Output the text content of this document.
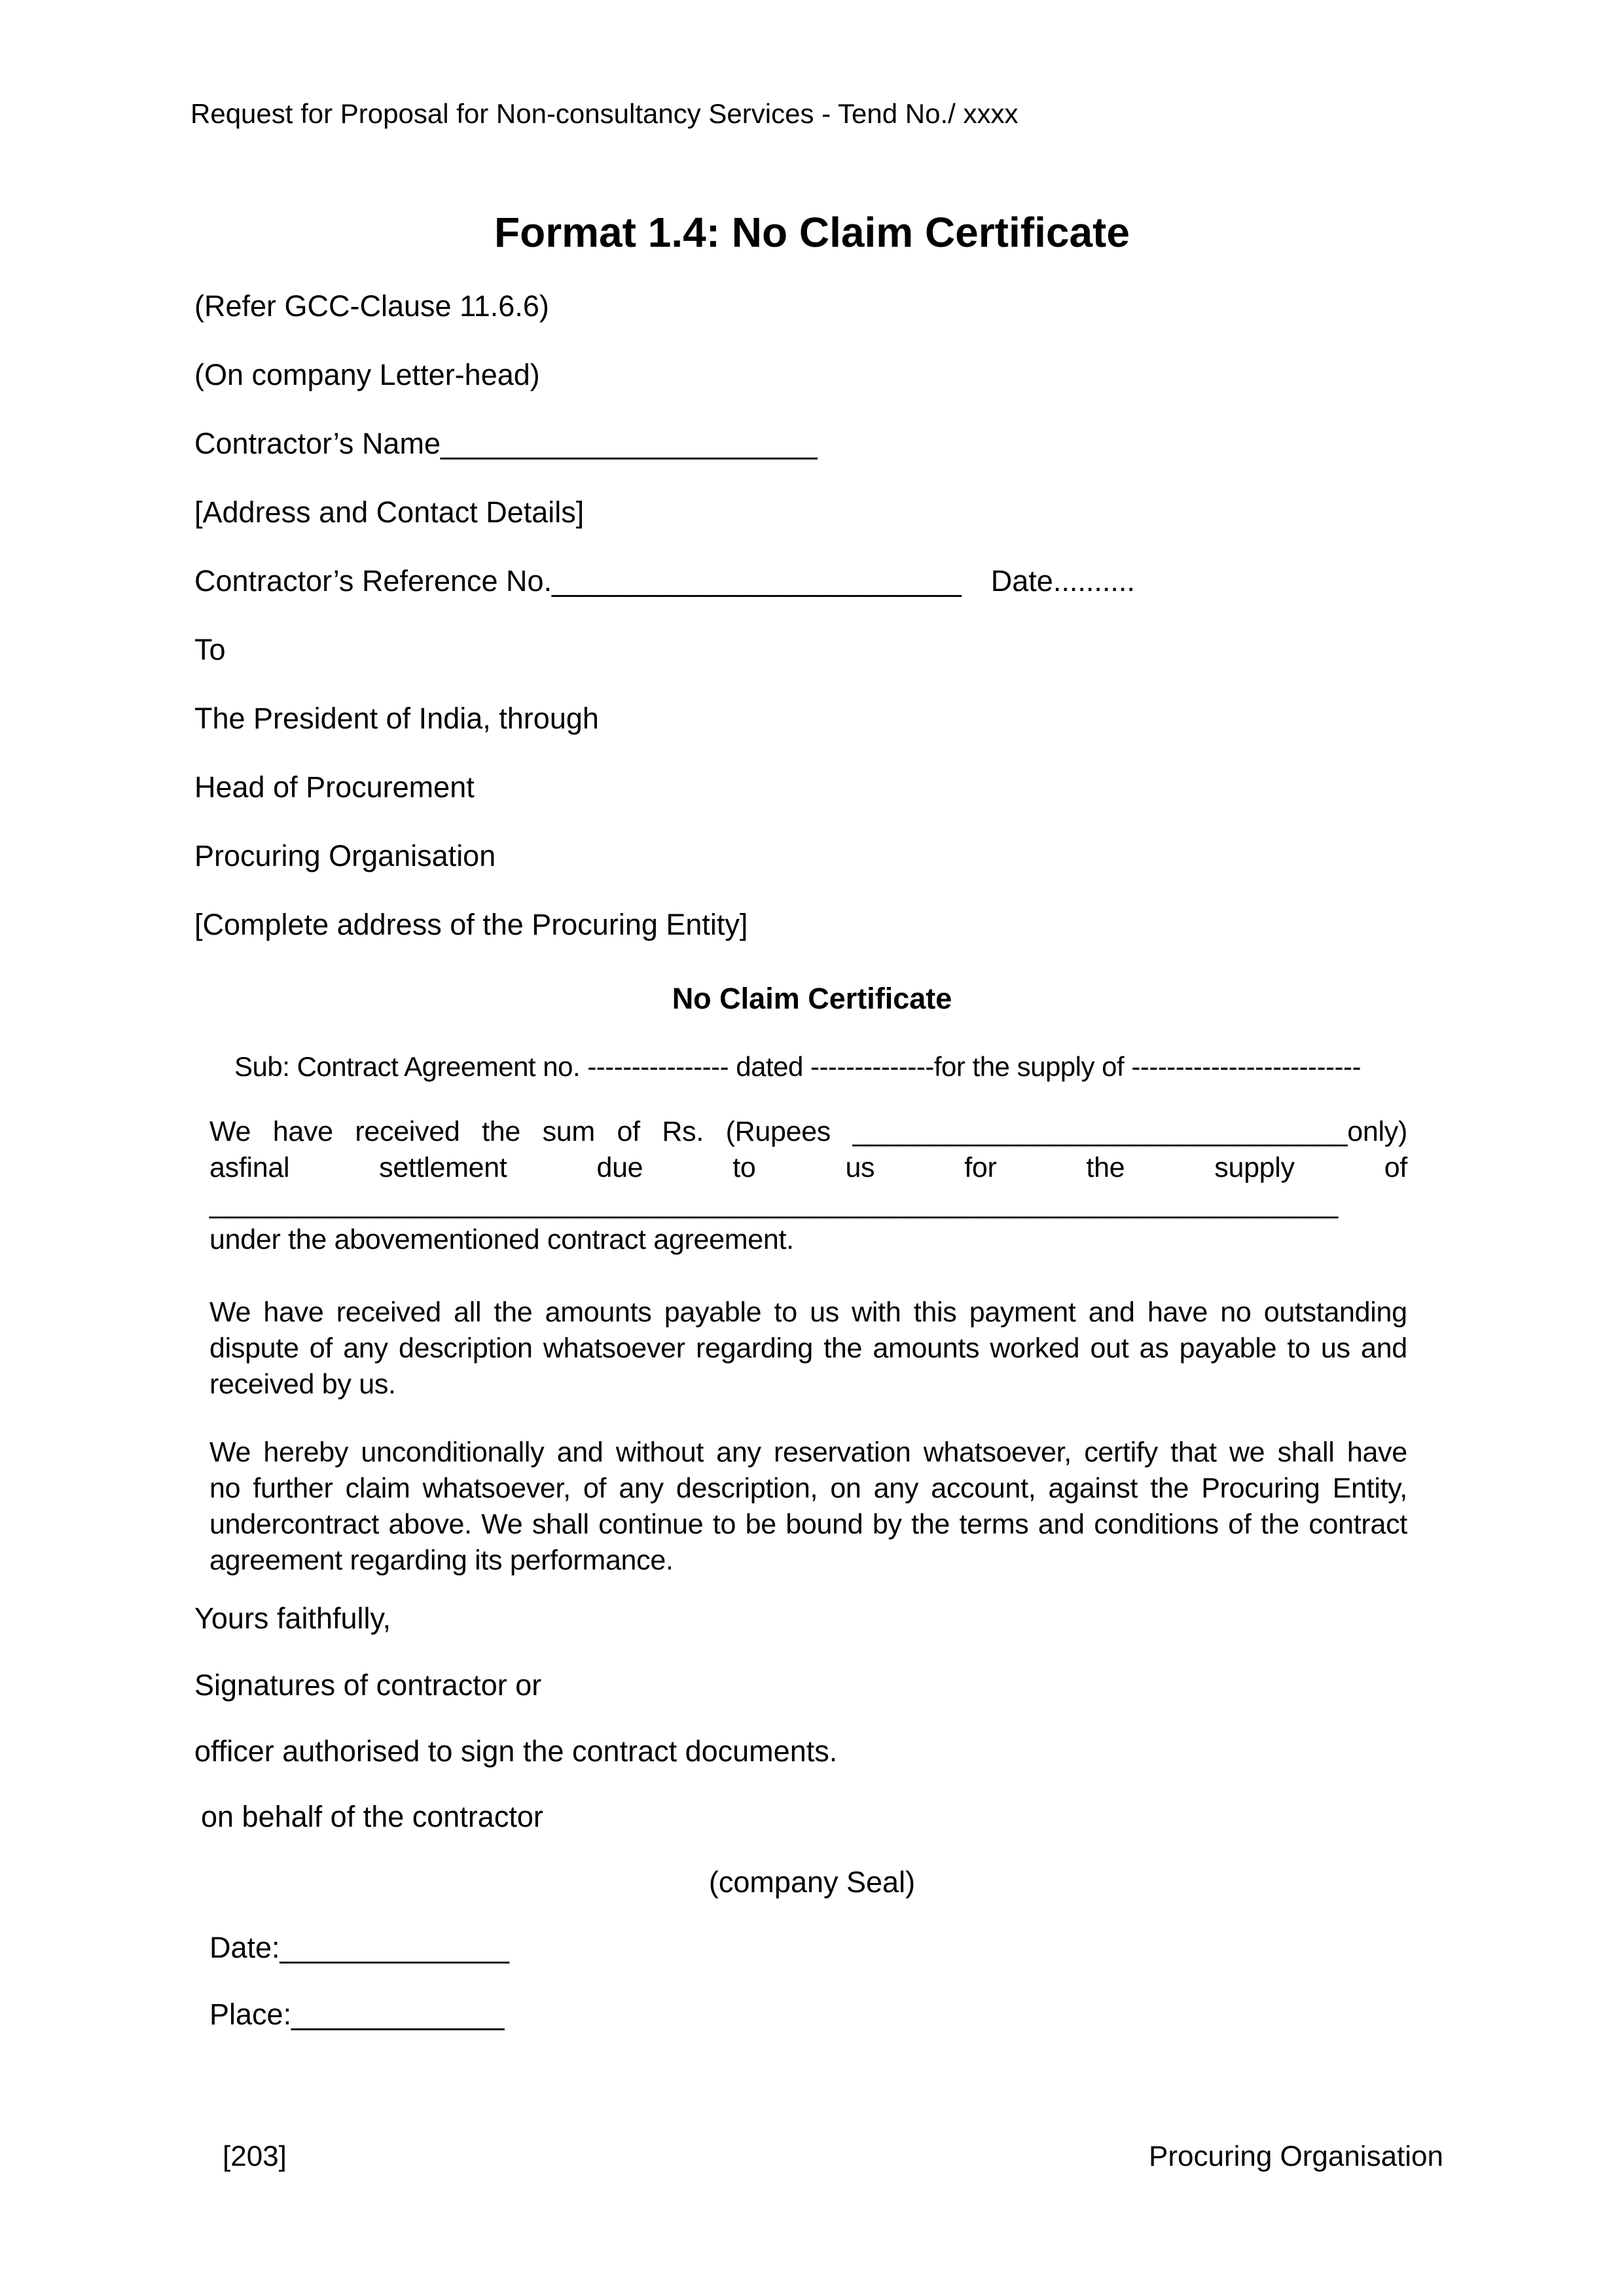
Request for Proposal for Non-consultancy Services - Tend No./ xxxx
Format 1.4: No Claim Certificate
(Refer GCC-Clause 11.6.6)
(On company Letter-head)
Contractor’s Name_______________________
[Address and Contact Details]
Contractor’s Reference No._________________________ Date..........
To
The President of India, through
Head of Procurement
Procuring Organisation
[Complete address of the Procuring Entity]
No Claim Certificate
Sub: Contract Agreement no. ---------------- dated --------------for the supply of --------------------------
We have received the sum of Rs. (Rupees ________________________________only)
asfinal	settlement	due	to	us	for	the	supply	of
_________________________________________________________________________
under the abovementioned contract agreement.
We have received all the amounts payable to us with this payment and have no outstanding
dispute of any description whatsoever regarding the amounts worked out as payable to us and
received by us.
We hereby unconditionally and without any reservation whatsoever, certify that we shall have
no further claim whatsoever, of any description, on any account, against the Procuring Entity,
undercontract above. We shall continue to be bound by the terms and conditions of the contract
agreement regarding its performance.
Yours faithfully,
Signatures of contractor or
officer authorised to sign the contract documents.
on behalf of the contractor
(company Seal)
Date:______________
Place:_____________
[203]	Procuring Organisation
